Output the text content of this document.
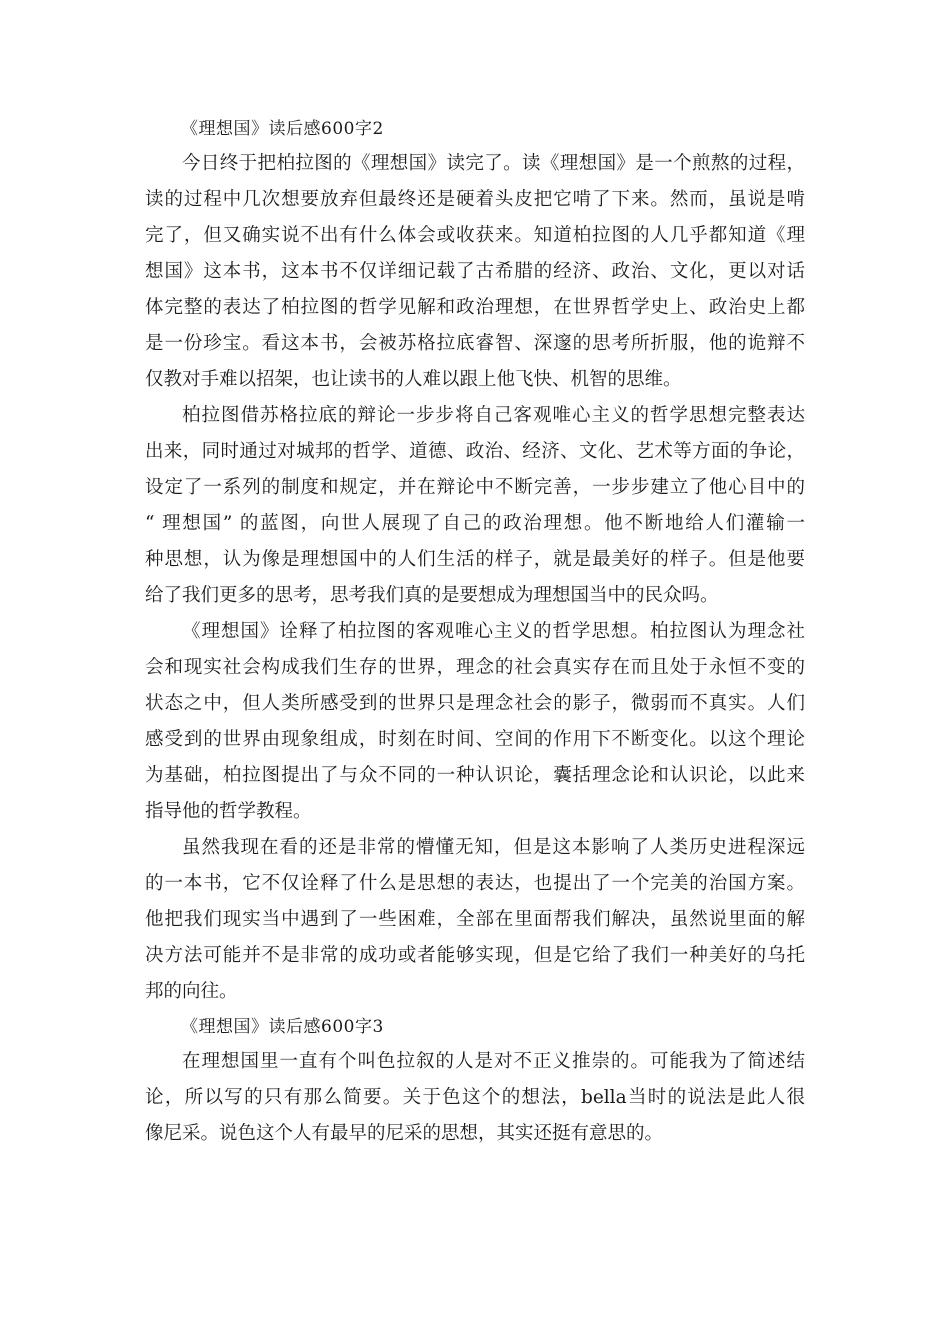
《理想国》读后感600字2
今日终于把柏拉图的《理想国》读完了。读《理想国》是一个煎熬的过程，
读的过程中几次想要放弃但最终还是硬着头皮把它啃了下来。然而，虽说是啃
完了，但又确实说不出有什么体会或收获来。知道柏拉图的人几乎都知道《理
想国》这本书，这本书不仅详细记载了古希腊的经济、政治、文化，更以对话
体完整的表达了柏拉图的哲学见解和政治理想，在世界哲学史上、政治史上都
是一份珍宝。看这本书，会被苏格拉底睿智、深邃的思考所折服，他的诡辩不
仅教对手难以招架，也让读书的人难以跟上他飞快、机智的思维。
柏拉图借苏格拉底的辩论一步步将自己客观唯心主义的哲学思想完整表达
出来，同时通过对城邦的哲学、道德、政治、经济、文化、艺术等方面的争论，
设定了一系列的制度和规定，并在辩论中不断完善，一步步建立了他心目中的
“ 理想国” 的蓝图，向世人展现了自己的政治理想。他不断地给人们灌输一
种思想，认为像是理想国中的人们生活的样子，就是最美好的样子。但是他要
给了我们更多的思考，思考我们真的是要想成为理想国当中的民众吗。
《理想国》诠释了柏拉图的客观唯心主义的哲学思想。柏拉图认为理念社
会和现实社会构成我们生存的世界，理念的社会真实存在而且处于永恒不变的
状态之中，但人类所感受到的世界只是理念社会的影子，微弱而不真实。人们
感受到的世界由现象组成，时刻在时间、空间的作用下不断变化。以这个理论
为基础，柏拉图提出了与众不同的一种认识论，囊括理念论和认识论，以此来
指导他的哲学教程。
虽然我现在看的还是非常的懵懂无知，但是这本影响了人类历史进程深远
的一本书，它不仅诠释了什么是思想的表达，也提出了一个完美的治国方案。
他把我们现实当中遇到了一些困难，全部在里面帮我们解决，虽然说里面的解
决方法可能并不是非常的成功或者能够实现，但是它给了我们一种美好的乌托
邦的向往。
《理想国》读后感600字3
在理想国里一直有个叫色拉叙的人是对不正义推崇的。可能我为了简述结
论，所以写的只有那么简要。关于色这个的想法，bella当时的说法是此人很
像尼采。说色这个人有最早的尼采的思想，其实还挺有意思的。
